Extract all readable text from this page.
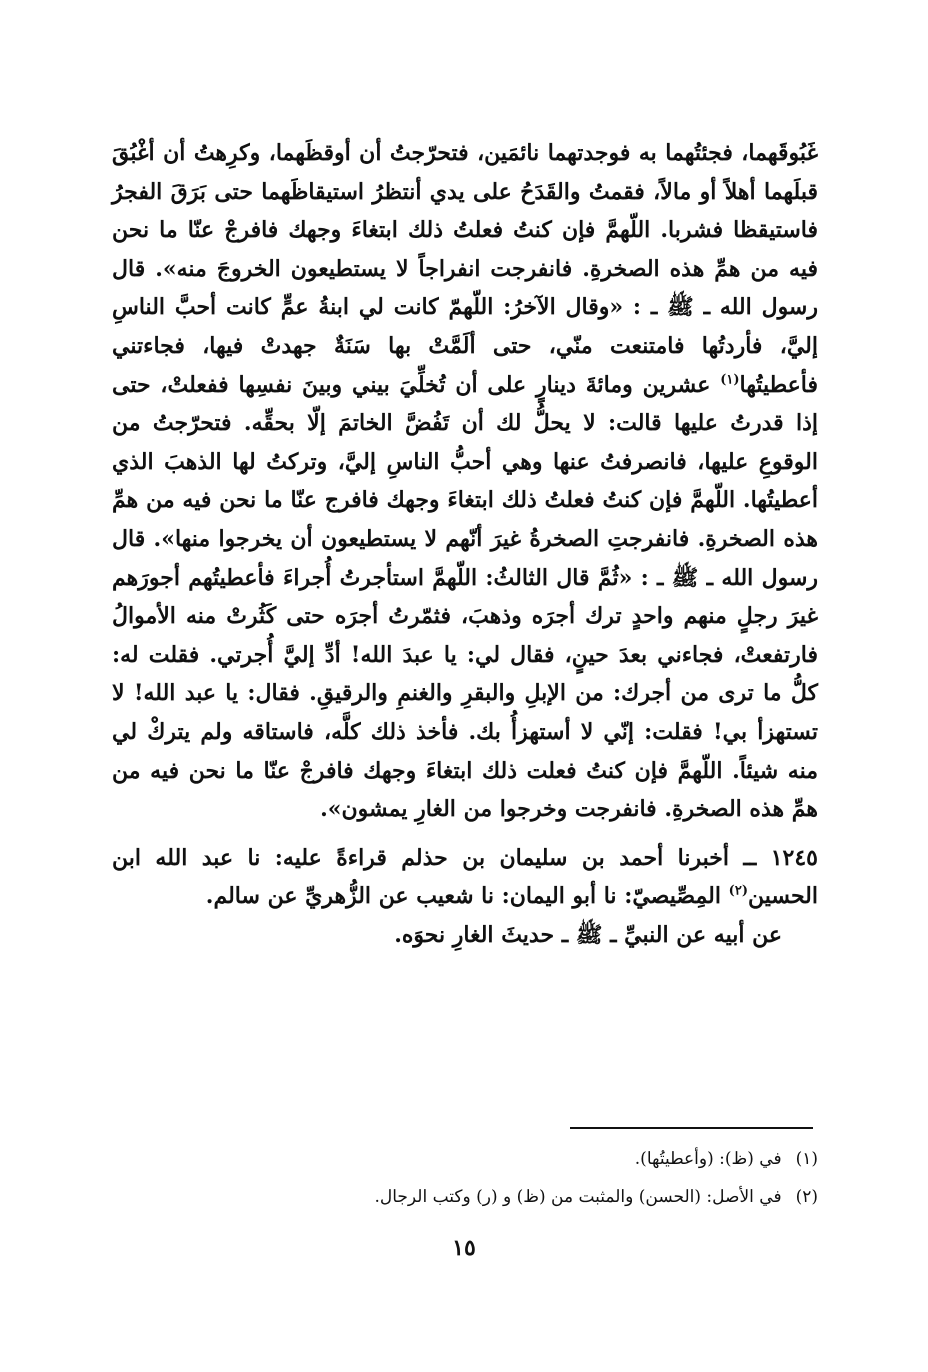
غَبُوقَهما، فجئتُهما به فوجدتهما نائمَين، فتحرّجتُ أن أوقظَهما، وكرِهتُ أن أغْبُقَ قبلَهما أهلاً أو مالاً، فقمتُ والقَدَحُ على يدي أنتظرُ استيقاظَهما حتى بَرَقَ الفجرُ فاستيقظا فشربا. اللّهمَّ فإن كنتُ فعلتُ ذلك ابتغاءَ وجهك فافرجْ عنّا ما نحن فيه من همِّ هذه الصخرةِ. فانفرجت انفراجاً لا يستطيعون الخروجَ منه». قال رسول الله ـ ﷺ ـ : «وقال الآخرُ: اللّهمّ كانت لي ابنةُ عمٍّ كانت أحبَّ الناسِ إليَّ، فأردتُها فامتنعت منّي، حتى ألَمَّتْ بها سَنَةٌ جهدتْ فيها، فجاءتني فأعطيتُها$^{(١)}$ عشرين ومائةَ دينارٍ على أن تُخلِّيَ بيني وبينَ نفسِها ففعلتْ، حتى إذا قدرتُ عليها قالت: لا يحلُّ لك أن تَفُضَّ الخاتمَ إلّا بحقِّه. فتحرّجتُ من الوقوعِ عليها، فانصرفتُ عنها وهي أحبُّ الناسِ إليَّ، وتركتُ لها الذهبَ الذي أعطيتُها. اللّهمَّ فإن كنتُ فعلتُ ذلك ابتغاءَ وجهك فافرج عنّا ما نحن فيه من همِّ هذه الصخرةِ. فانفرجتِ الصخرةُ غيرَ أنّهم لا يستطيعون أن يخرجوا منها». قال رسول الله ـ ﷺ ـ : «ثُمَّ قال الثالثُ: اللّهمَّ استأجرتُ أُجراءَ فأعطيتُهم أجورَهم غيرَ رجلٍ منهم واحدٍ ترك أجرَه وذهبَ، فثمّرتُ أجرَه حتى كَثُرتْ منه الأموالُ فارتفعتْ، فجاءني بعدَ حينٍ، فقال لي: يا عبدَ الله! أدِّ إليَّ أُجرتي. فقلت له: كلُّ ما ترى من أجرك: من الإبلِ والبقرِ والغنمِ والرقيقِ. فقال: يا عبد الله! لا تستهزأ بي! فقلت: إنّي لا أستهزأُ بك. فأخذ ذلك كلَّه، فاستاقه ولم يتركْ لي منه شيئاً. اللّهمَّ فإن كنتُ فعلت ذلك ابتغاءَ وجهك فافرجْ عنّا ما نحن فيه من همِّ هذه الصخرةِ. فانفرجت وخرجوا من الغارِ يمشون».

١٢٤٥ ــ أخبرنا أحمد بن سليمان بن حذلم قراءةً عليه: نا عبد الله ابن الحسين$^{(٢)}$ المِصِّيصيّ: نا أبو اليمان: نا شعيب عن الزُّهريِّ عن سالم.

عن أبيه عن النبيِّ ـ ﷺ ـ حديثَ الغارِ نحوَه.

(١)في (ظ): (وأعطيتُها).

(٢)في الأصل: (الحسن) والمثبت من (ظ) و (ر) وكتب الرجال.

١٥
